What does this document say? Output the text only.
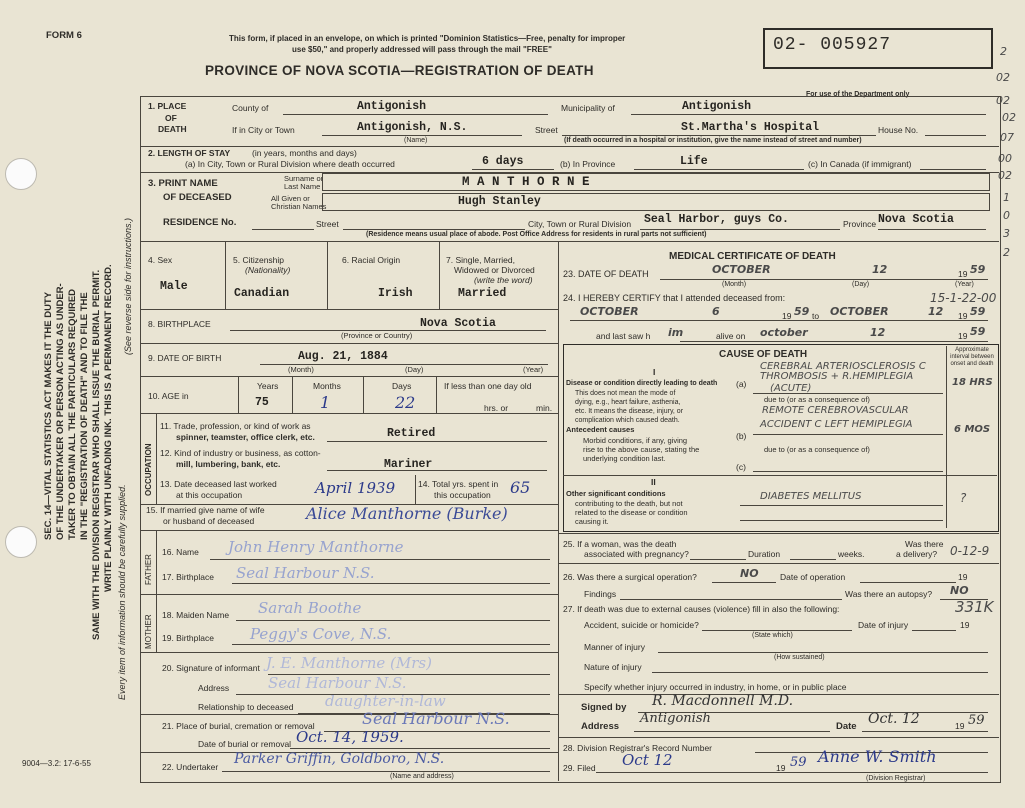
FORM 6	This form, if placed in an envelope, on which is printed "Dominion Statistics—Free, penalty for improper
use $50," and properly addressed will pass through the mail "FREE"
PROVINCE OF NOVA SCOTIA—REGISTRATION OF DEATH
02- 005927
For use of the Department only
2
02
02
02
07
00
02
1
0
3
2
SEC. 14—VITAL STATISTICS ACT MAKES IT THE DUTY OF THE UNDERTAKER OR PERSON ACTING AS UNDER- TAKER TO OBTAIN ALL THE PARTICULARS REQUIRED IN THE "REGISTRATION OF DEATH" AND TO FILE THE SAME WITH THE DIVISION REGISTRAR WHO SHALL ISSUE THE BURIAL PERMIT. WRITE PLAINLY WITH UNFADING INK. THIS IS A PERMANENT RECORD.
Every item of information should be carefully supplied.
(See reverse side for instructions.)
9004—3.2: 17-6-55
1. PLACE
OF
DEATH
County of	Antigonish	Municipality of	Antigonish
If in City or Town	Antigonish, N.S.	Street	St.Martha's Hospital	House No.
(Name)	(If death occurred in a hospital or institution, give the name instead of street and number)
2. LENGTH OF STAY	(in years, months and days)
(a) In City, Town or Rural Division where death occurred	6 days	(b) In Province	Life	(c) In Canada (if immigrant)
3. PRINT NAME
OF DECEASED
Surname or
Last Name
All Given or
Christian Names
M A N T H O R N E
Hugh Stanley
RESIDENCE No.	Street	City, Town or Rural Division Seal Harbor, guys Co.	Province Nova Scotia
(Residence means usual place of abode. Post Office Address for residents in rural parts not sufficient)
4. Sex
Male
5. Citizenship
(Nationality)
Canadian
6. Racial Origin
Irish
7. Single, Married,
Widowed or Divorced
(write the word)
Married
8. BIRTHPLACE	Nova Scotia
(Province or Country)
9. DATE OF BIRTH	Aug. 21, 1884
(Month)	(Day)	(Year)
10. AGE in
Years
75
Months
1
Days
22
If less than one day old
hrs. or	min.
OCCUPATION
11. Trade, profession, or kind of work as
spinner, teamster, office clerk, etc.	Retired
12. Kind of industry or business, as cotton-
mill, lumbering, bank, etc.	Mariner
13. Date deceased last worked
at this occupation	April 1939	14. Total yrs. spent in
this occupation 65
15. If married give name of wife
or husband of deceased	Alice Manthorne (Burke)
FATHER
MOTHER
16. Name John Henry Manthorne
17. Birthplace Seal Harbour N.S.
18. Maiden Name Sarah Boothe
19. Birthplace Peggy's Cove, N.S.
20. Signature of informant J. E. Manthorne (Mrs)
Address	Seal Harbour N.S.
Relationship to deceased daughter-in-law
21. Place of burial, cremation or removal	Seal Harbour N.S.
Date of burial or removal Oct. 14, 1959.
22. Undertaker Parker Griffin, Goldboro, N.S.
(Name and address)
MEDICAL CERTIFICATE OF DEATH
23. DATE OF DEATH	OCTOBER	12	19 59
(Month)	(Day)	(Year)
24. I HEREBY CERTIFY that I attended deceased from:	15-1-22-00
OCTOBER	6	19 59 to OCTOBER	12 19 59
and last saw h im	alive on october	12	19 59
CAUSE OF DEATH	Approximate interval between onset and death
I
Disease or condition directly leading to death
This does not mean the mode of
dying, e.g., heart failure, asthenia,
etc. It means the disease, injury, or
complication which caused death.
(a)
CEREBRAL ARTERIOSCLEROSIS C
THROMBOSIS + R.HEMIPLEGIA
(ACUTE)
18 HRS
due to (or as a consequence of)
REMOTE CEREBROVASCULAR
Antecedent causes
Morbid conditions, if any, giving
rise to the above cause, stating the
underlying condition last.
(b)
ACCIDENT C LEFT HEMIPLEGIA	6 MOS
due to (or as a consequence of)
(c)
II
Other significant conditions
contributing to the death, but not
related to the disease or condition
causing it.
DIABETES MELLITUS	?
25. If a woman, was the death
associated with pregnancy?	Duration	weeks.
Was there
a delivery? 0-12-9
26. Was there a surgical operation?	NO	Date of operation	19
Findings	Was there an autopsy? NO
27. If death was due to external causes (violence) fill in also the following:	331K
Accident, suicide or homicide?	Date of injury	19
(State which)
Manner of injury
(How sustained)
Nature of injury
Specify whether injury occurred in industry, in home, or in public place
Signed by R. Macdonnell M.D.
Address
Antigonish
Date Oct. 12	19 59
28. Division Registrar's Record Number
29. Filed Oct 12	19 59 Anne W. Smith
(Division Registrar)
